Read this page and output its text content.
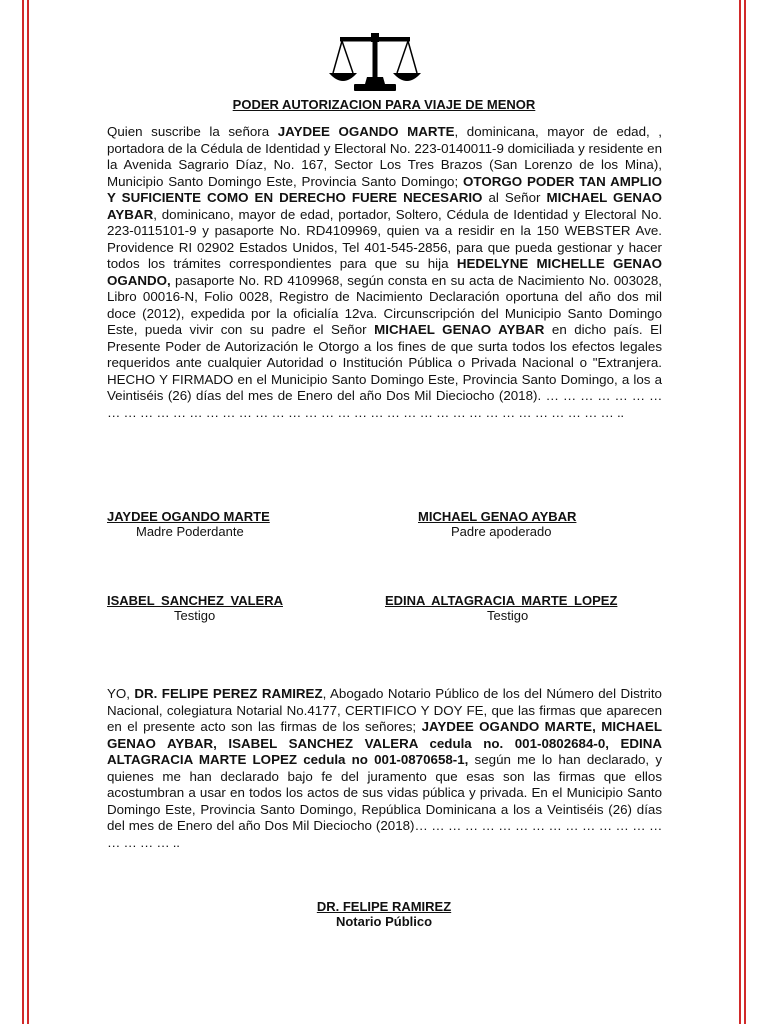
PODER AUTORIZACION PARA VIAJE DE MENOR
Quien suscribe la señora JAYDEE OGANDO MARTE, dominicana, mayor de edad, , portadora de la Cédula de Identidad y Electoral No. 223-0140011-9 domiciliada y residente en la Avenida Sagrario Díaz, No. 167, Sector Los Tres Brazos (San Lorenzo de los Mina), Municipio Santo Domingo Este, Provincia Santo Domingo; OTORGO PODER TAN AMPLIO Y SUFICIENTE COMO EN DERECHO FUERE NECESARIO al Señor MICHAEL GENAO AYBAR, dominicano, mayor de edad, portador, Soltero, Cédula de Identidad y Electoral No. 223-0115101-9 y pasaporte No. RD4109969, quien va a residir en la 150 WEBSTER Ave. Providence RI 02902 Estados Unidos, Tel 401-545-2856, para que pueda gestionar y hacer todos los trámites correspondientes para que su hija HEDELYNE MICHELLE GENAO OGANDO, pasaporte No. RD 4109968, según consta en su acta de Nacimiento No. 003028, Libro 00016-N, Folio 0028, Registro de Nacimiento Declaración oportuna del año dos mil doce (2012), expedida por la oficialía 12va. Circunscripción del Municipio Santo Domingo Este, pueda vivir con su padre el Señor MICHAEL GENAO AYBAR en dicho país. El Presente Poder de Autorización le Otorgo a los fines de que surta todos los efectos legales requeridos ante cualquier Autoridad o Institución Pública o Privada Nacional o "Extranjera. HECHO Y FIRMADO en el Municipio Santo Domingo Este, Provincia Santo Domingo, a los a Veintiséis (26) días del mes de Enero del año Dos Mil Dieciocho (2018). … … … … … … … … … … … … … … … … … … … … … … … … … … … … … … … … … … … … … … ..
JAYDEE OGANDO MARTE
Madre Poderdante
MICHAEL GENAO AYBAR
Padre apoderado
ISABEL SANCHEZ VALERA
Testigo
EDINA ALTAGRACIA MARTE LOPEZ
Testigo
YO, DR. FELIPE PEREZ RAMIREZ, Abogado Notario Público de los del Número del Distrito Nacional, colegiatura Notarial No.4177, CERTIFICO Y DOY FE, que las firmas que aparecen en el presente acto son las firmas de los señores; JAYDEE OGANDO MARTE, MICHAEL GENAO AYBAR, ISABEL SANCHEZ VALERA cedula no. 001-0802684-0, EDINA ALTAGRACIA MARTE LOPEZ cedula no 001-0870658-1, según me lo han declarado, y quienes me han declarado bajo fe del juramento que esas son las firmas que ellos acostumbran a usar en todos los actos de sus vidas pública y privada. En el Municipio Santo Domingo Este, Provincia Santo Domingo, República Dominicana a los a Veintiséis (26) días del mes de Enero del año Dos Mil Dieciocho (2018)… … … … … … … … … … … … … … … … … … … ..
DR. FELIPE RAMIREZ
Notario Público
